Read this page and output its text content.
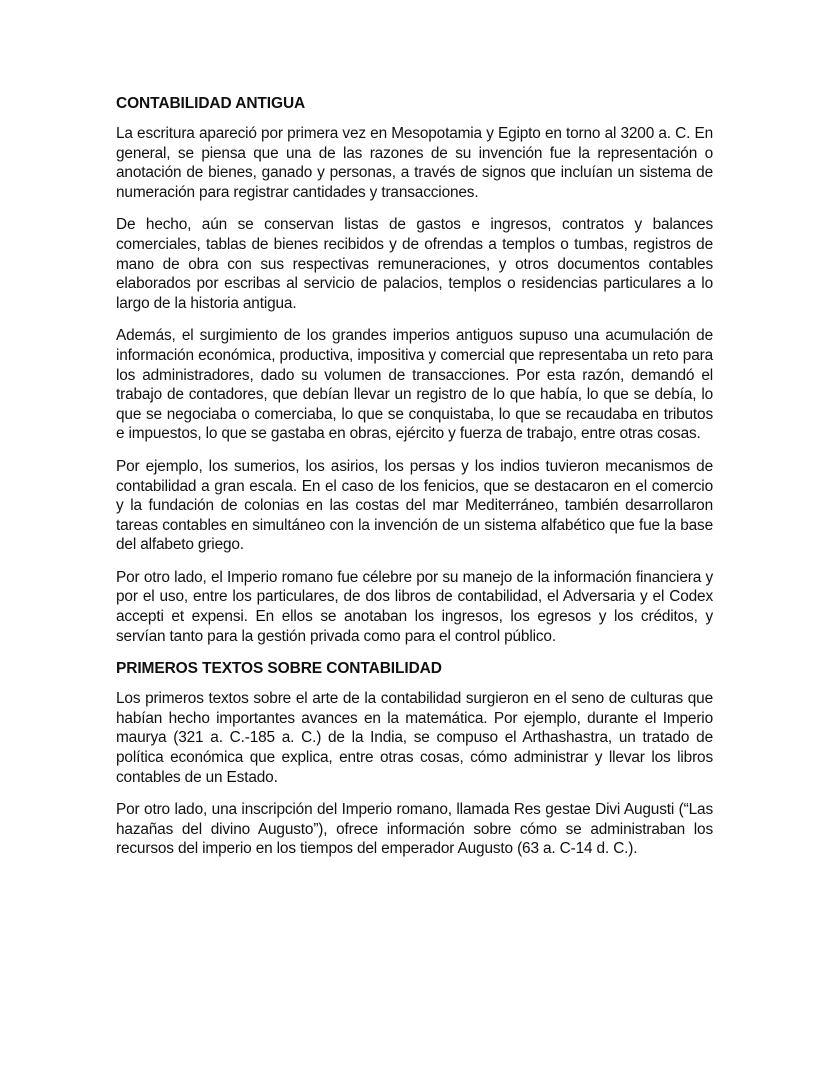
CONTABILIDAD ANTIGUA

La escritura apareció por primera vez en Mesopotamia y Egipto en torno al 3200 a. C. En general, se piensa que una de las razones de su invención fue la representación o anotación de bienes, ganado y personas, a través de signos que incluían un sistema de numeración para registrar cantidades y transacciones.

De hecho, aún se conservan listas de gastos e ingresos, contratos y balances comerciales, tablas de bienes recibidos y de ofrendas a templos o tumbas, registros de mano de obra con sus respectivas remuneraciones, y otros documentos contables elaborados por escribas al servicio de palacios, templos o residencias particulares a lo largo de la historia antigua.

Además, el surgimiento de los grandes imperios antiguos supuso una acumulación de información económica, productiva, impositiva y comercial que representaba un reto para los administradores, dado su volumen de transacciones. Por esta razón, demandó el trabajo de contadores, que debían llevar un registro de lo que había, lo que se debía, lo que se negociaba o comerciaba, lo que se conquistaba, lo que se recaudaba en tributos e impuestos, lo que se gastaba en obras, ejército y fuerza de trabajo, entre otras cosas.

Por ejemplo, los sumerios, los asirios, los persas y los indios tuvieron mecanismos de contabilidad a gran escala. En el caso de los fenicios, que se destacaron en el comercio y la fundación de colonias en las costas del mar Mediterráneo, también desarrollaron tareas contables en simultáneo con la invención de un sistema alfabético que fue la base del alfabeto griego.

Por otro lado, el Imperio romano fue célebre por su manejo de la información financiera y por el uso, entre los particulares, de dos libros de contabilidad, el Adversaria y el Codex accepti et expensi. En ellos se anotaban los ingresos, los egresos y los créditos, y servían tanto para la gestión privada como para el control público.

PRIMEROS TEXTOS SOBRE CONTABILIDAD

Los primeros textos sobre el arte de la contabilidad surgieron en el seno de culturas que habían hecho importantes avances en la matemática. Por ejemplo, durante el Imperio maurya (321 a. C.-185 a. C.) de la India, se compuso el Arthashastra, un tratado de política económica que explica, entre otras cosas, cómo administrar y llevar los libros contables de un Estado.

Por otro lado, una inscripción del Imperio romano, llamada Res gestae Divi Augusti (“Las hazañas del divino Augusto”), ofrece información sobre cómo se administraban los recursos del imperio en los tiempos del emperador Augusto (63 a. C-14 d. C.).
